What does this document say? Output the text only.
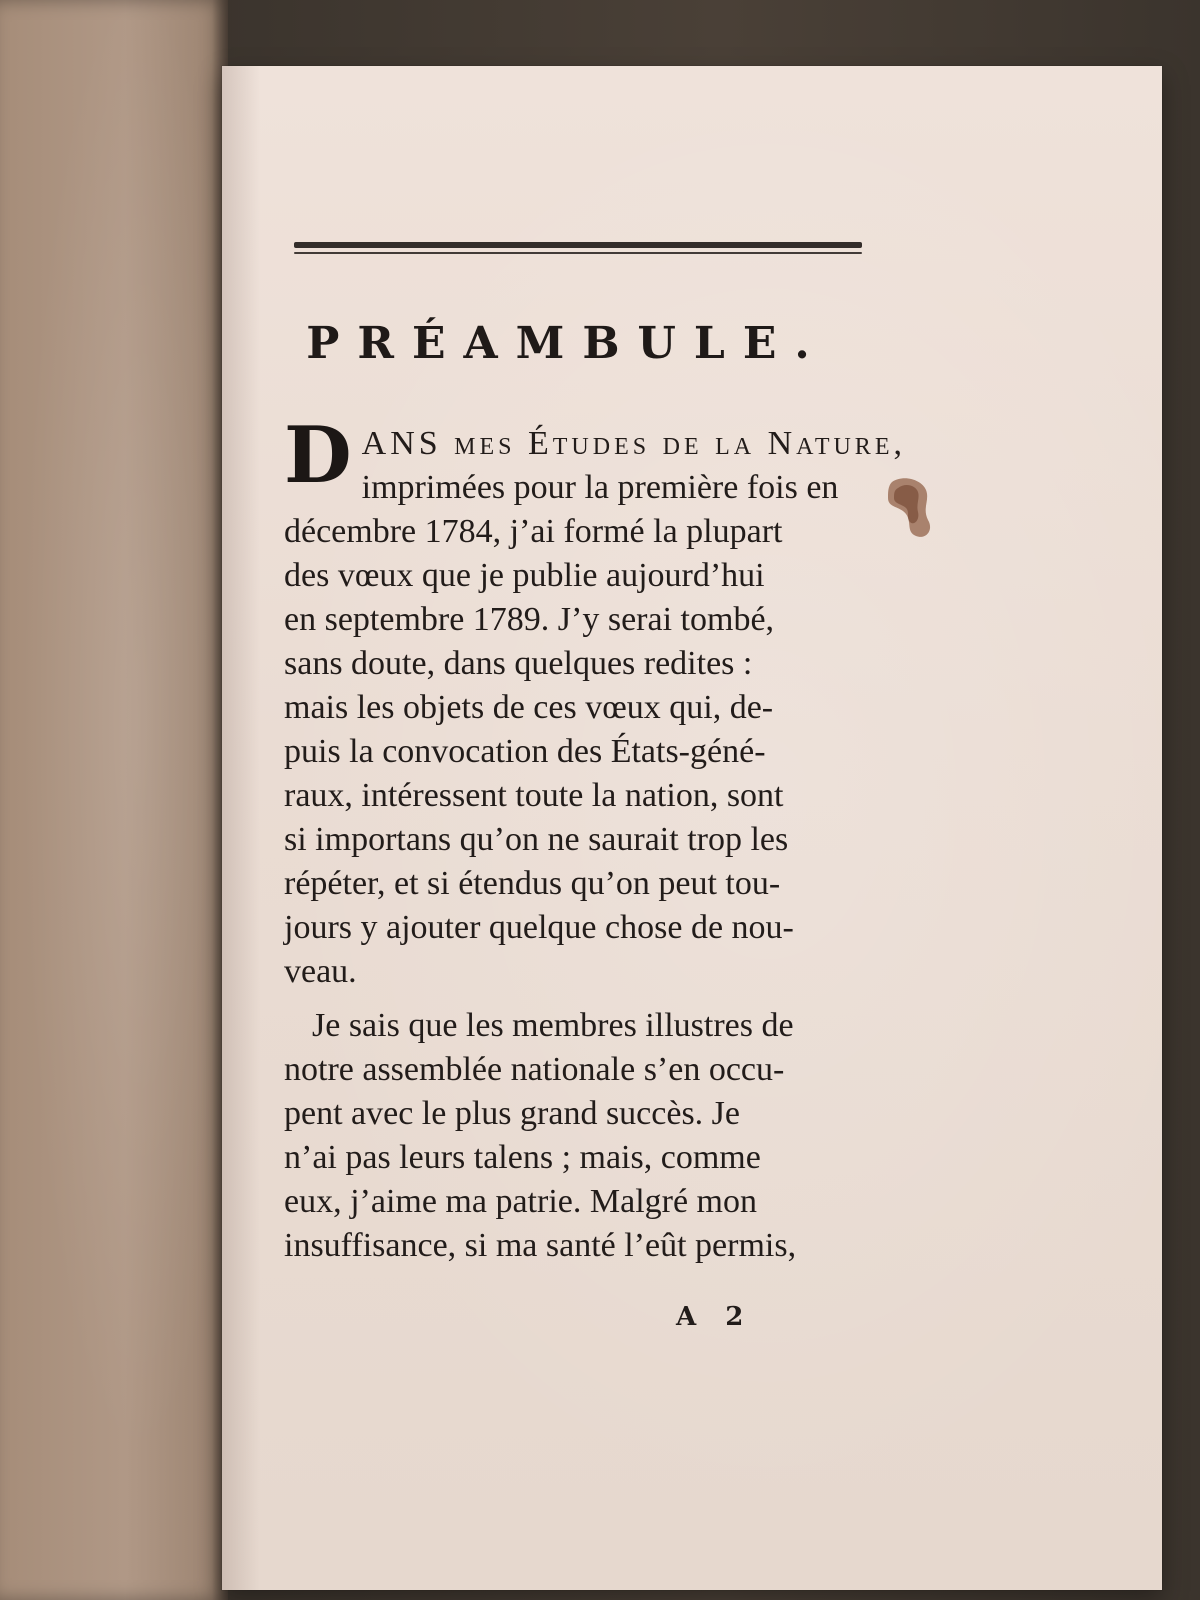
PRÉAMBULE.
D ANS mes Études de la Nature,
imprimées pour la première fois en
décembre 1784, j’ai formé la plupart
des vœux que je publie aujourd’hui
en septembre 1789. J’y serai tombé,
sans doute, dans quelques redites :
mais les objets de ces vœux qui, de-
puis la convocation des États-géné-
raux, intéressent toute la nation, sont
si importans qu’on ne saurait trop les
répéter, et si étendus qu’on peut tou-
jours y ajouter quelque chose de nou-
veau.
Je sais que les membres illustres de
notre assemblée nationale s’en occu-
pent avec le plus grand succès. Je
n’ai pas leurs talens ; mais, comme
eux, j’aime ma patrie. Malgré mon
insuffisance, si ma santé l’eût permis,
A 2
